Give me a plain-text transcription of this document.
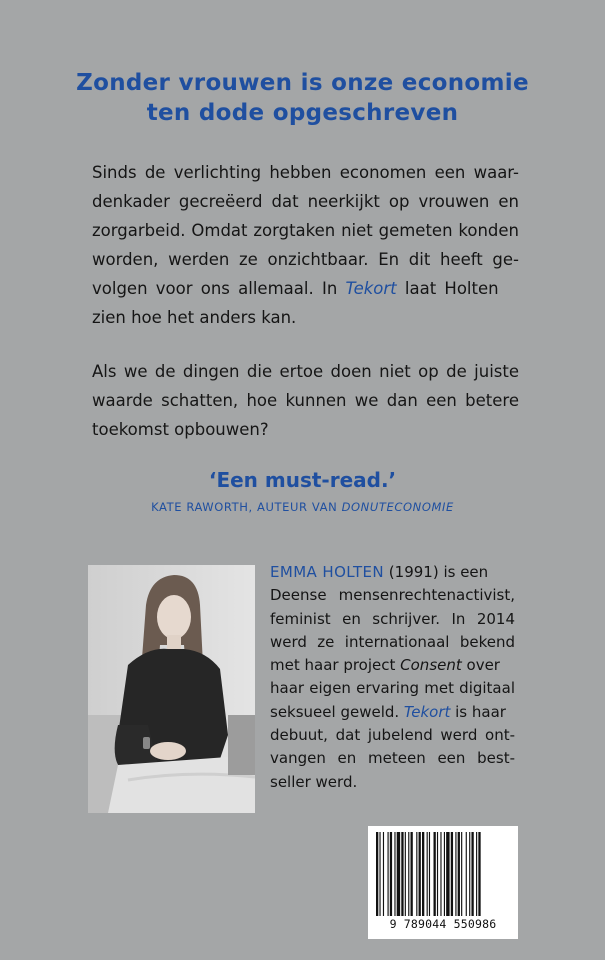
Zonder vrouwen is onze economie
ten dode opgeschreven
Sinds de verlichting hebben economen een waar-
denkader gecreëerd dat neerkijkt op vrouwen en
zorgarbeid. Omdat zorgtaken niet gemeten konden
worden, werden ze onzichtbaar. En dit heeft ge-
volgen voor ons allemaal. In Tekort laat Holten
zien hoe het anders kan.
Als we de dingen die ertoe doen niet op de juiste
waarde schatten, hoe kunnen we dan een betere
toekomst opbouwen?
‘Een must-read.’
KATE RAWORTH, AUTEUR VAN DONUTECONOMIE
EMMA HOLTEN (1991) is een
Deense mensenrechtenactivist,
feminist en schrijver. In 2014
werd ze internationaal bekend
met haar project Consent over
haar eigen ervaring met digitaal
seksueel geweld. Tekort is haar
debuut, dat jubelend werd ont-
vangen en meteen een best-
seller werd.
9 789044 550986
